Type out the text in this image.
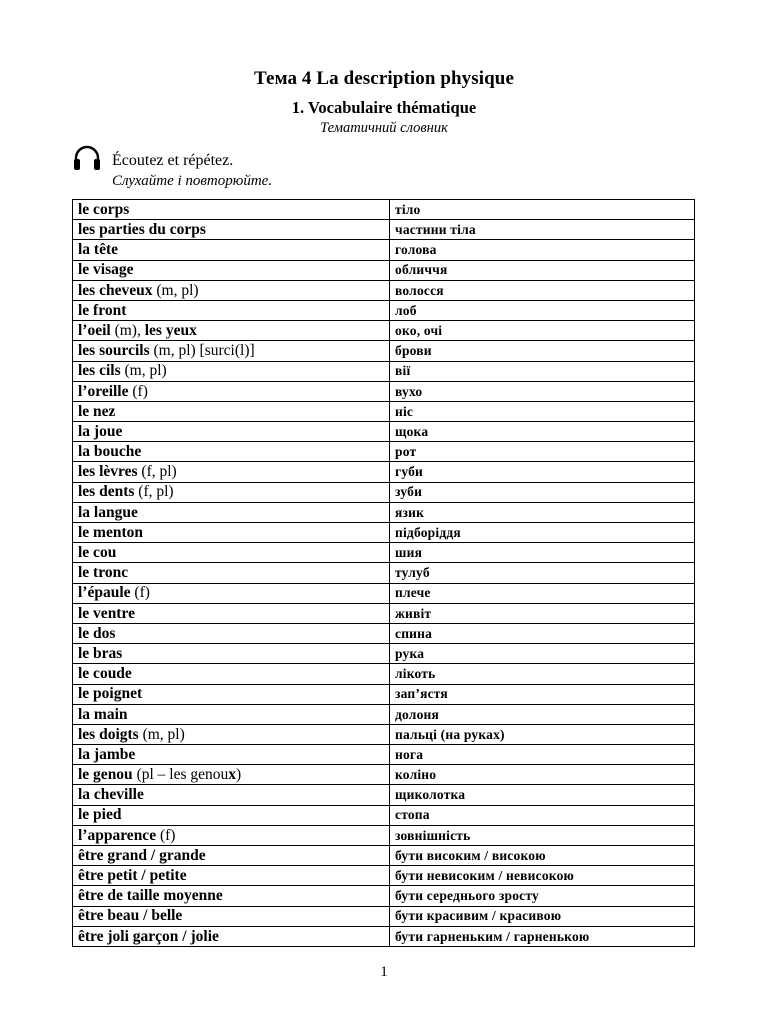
Тема 4 La description physique
1. Vocabulaire thématique
Тематичний словник
Écoutez et répétez.
Слухайте і повторюйте.
le corps	тіло
les parties du corps	частини тіла
la tête	голова
le visage	обличчя
les cheveux (m, pl)	волосся
le front	лоб
l’oeil (m), les yeux	око, очі
les sourcils (m, pl) [surci(l)]	брови
les cils (m, pl)	вії
l’oreille (f)	вухо
le nez	ніс
la joue	щока
la bouche	рот
les lèvres (f, pl)	губи
les dents (f, pl)	зуби
la langue	язик
le menton	підборіддя
le cou	шия
le tronc	тулуб
l’épaule (f)	плече
le ventre	живіт
le dos	спина
le bras	рука
le coude	лікоть
le poignet	зап’ястя
la main	долоня
les doigts (m, pl)	пальці (на руках)
la jambe	нога
le genou (pl – les genoux)	коліно
la cheville	щиколотка
le pied	стопа
l’apparence (f)	зовнішність
être grand / grande	бути високим / високою
être petit / petite	бути невисоким / невисокою
être de taille moyenne	бути середнього зросту
être beau / belle	бути красивим / красивою
être joli garçon / jolie	бути гарненьким / гарненькою
1
